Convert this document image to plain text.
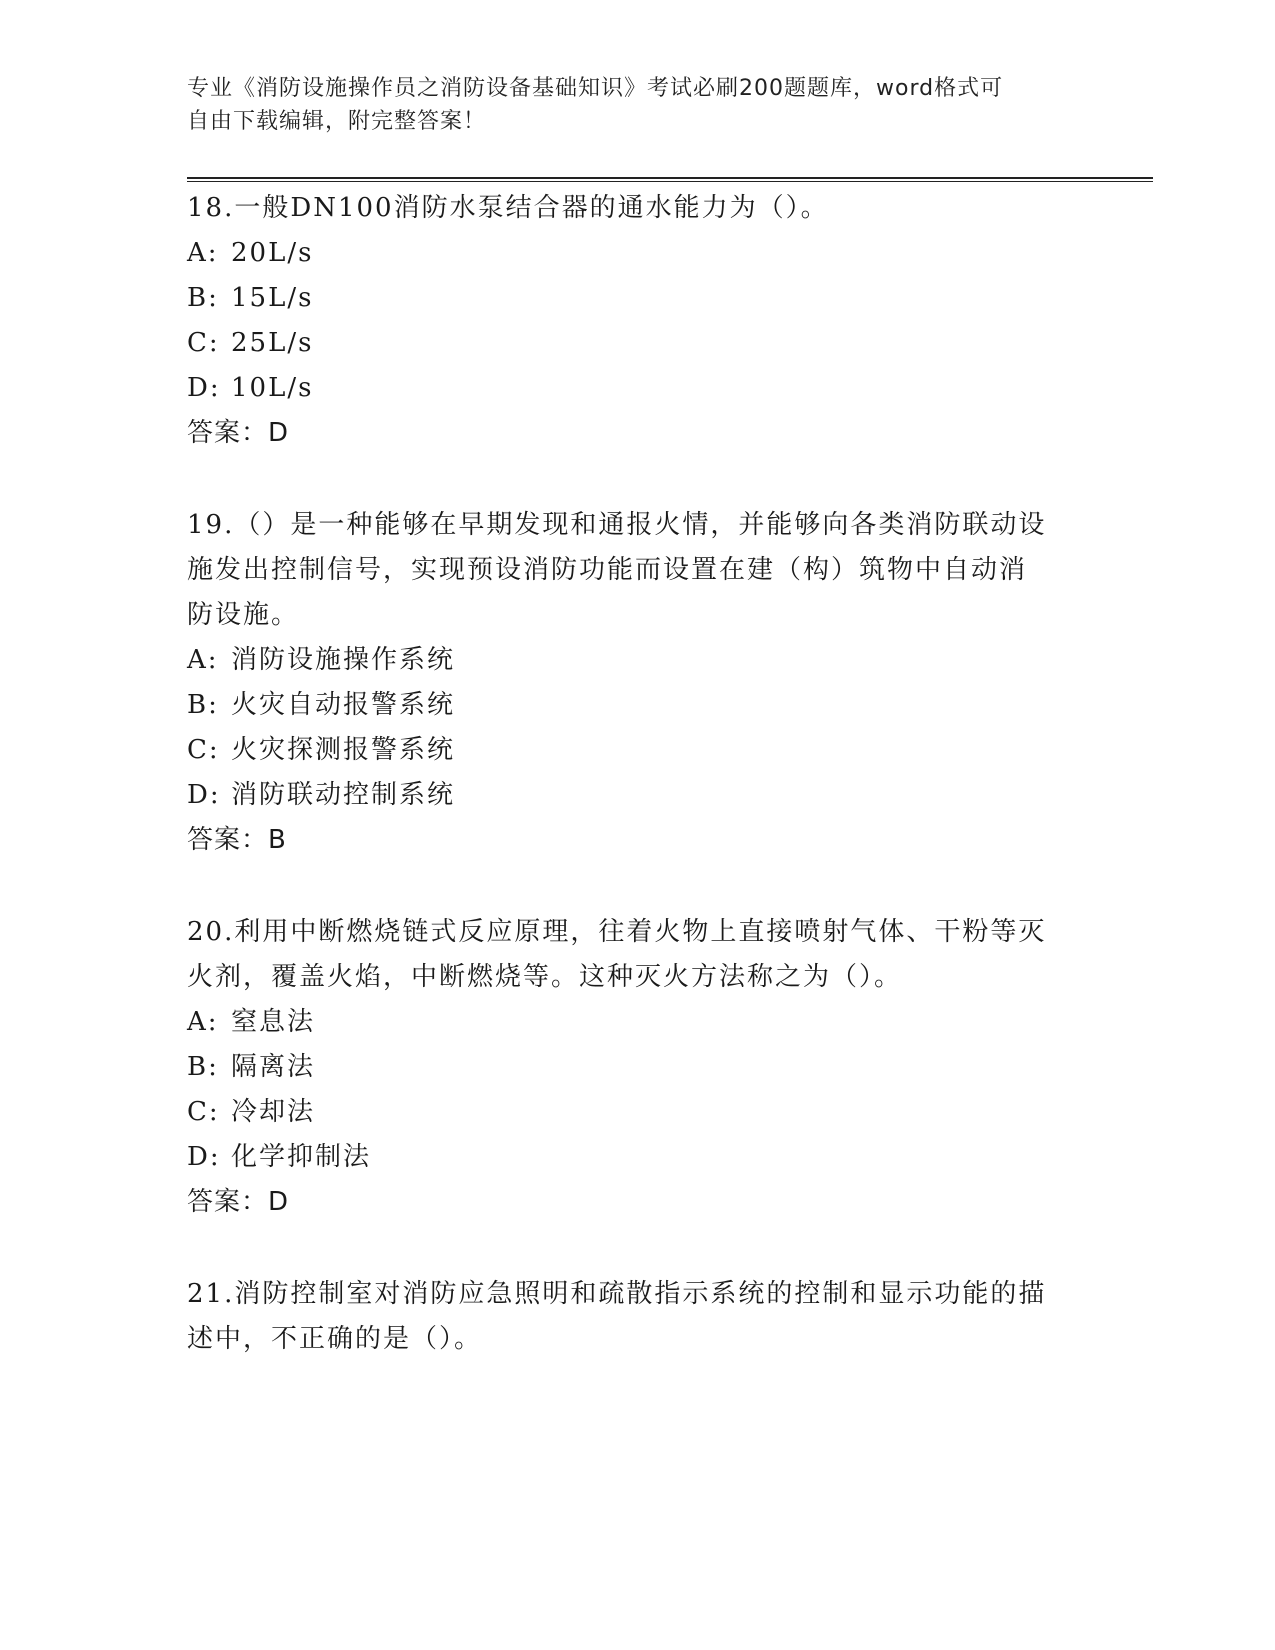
专业《消防设施操作员之消防设备基础知识》考试必刷200题题库，word格式可
自由下载编辑，附完整答案！

18.一般DN100消防水泵结合器的通水能力为（）。

A: 20L/s

B: 15L/s

C: 25L/s

D: 10L/s

答案：D

19.（）是一种能够在早期发现和通报火情，并能够向各类消防联动设

施发出控制信号，实现预设消防功能而设置在建（构）筑物中自动消

防设施。

A: 消防设施操作系统

B: 火灾自动报警系统

C: 火灾探测报警系统

D: 消防联动控制系统

答案：B

20.利用中断燃烧链式反应原理，往着火物上直接喷射气体、干粉等灭

火剂，覆盖火焰，中断燃烧等。这种灭火方法称之为（）。

A: 窒息法

B: 隔离法

C: 冷却法

D: 化学抑制法

答案：D

21.消防控制室对消防应急照明和疏散指示系统的控制和显示功能的描

述中，不正确的是（）。
